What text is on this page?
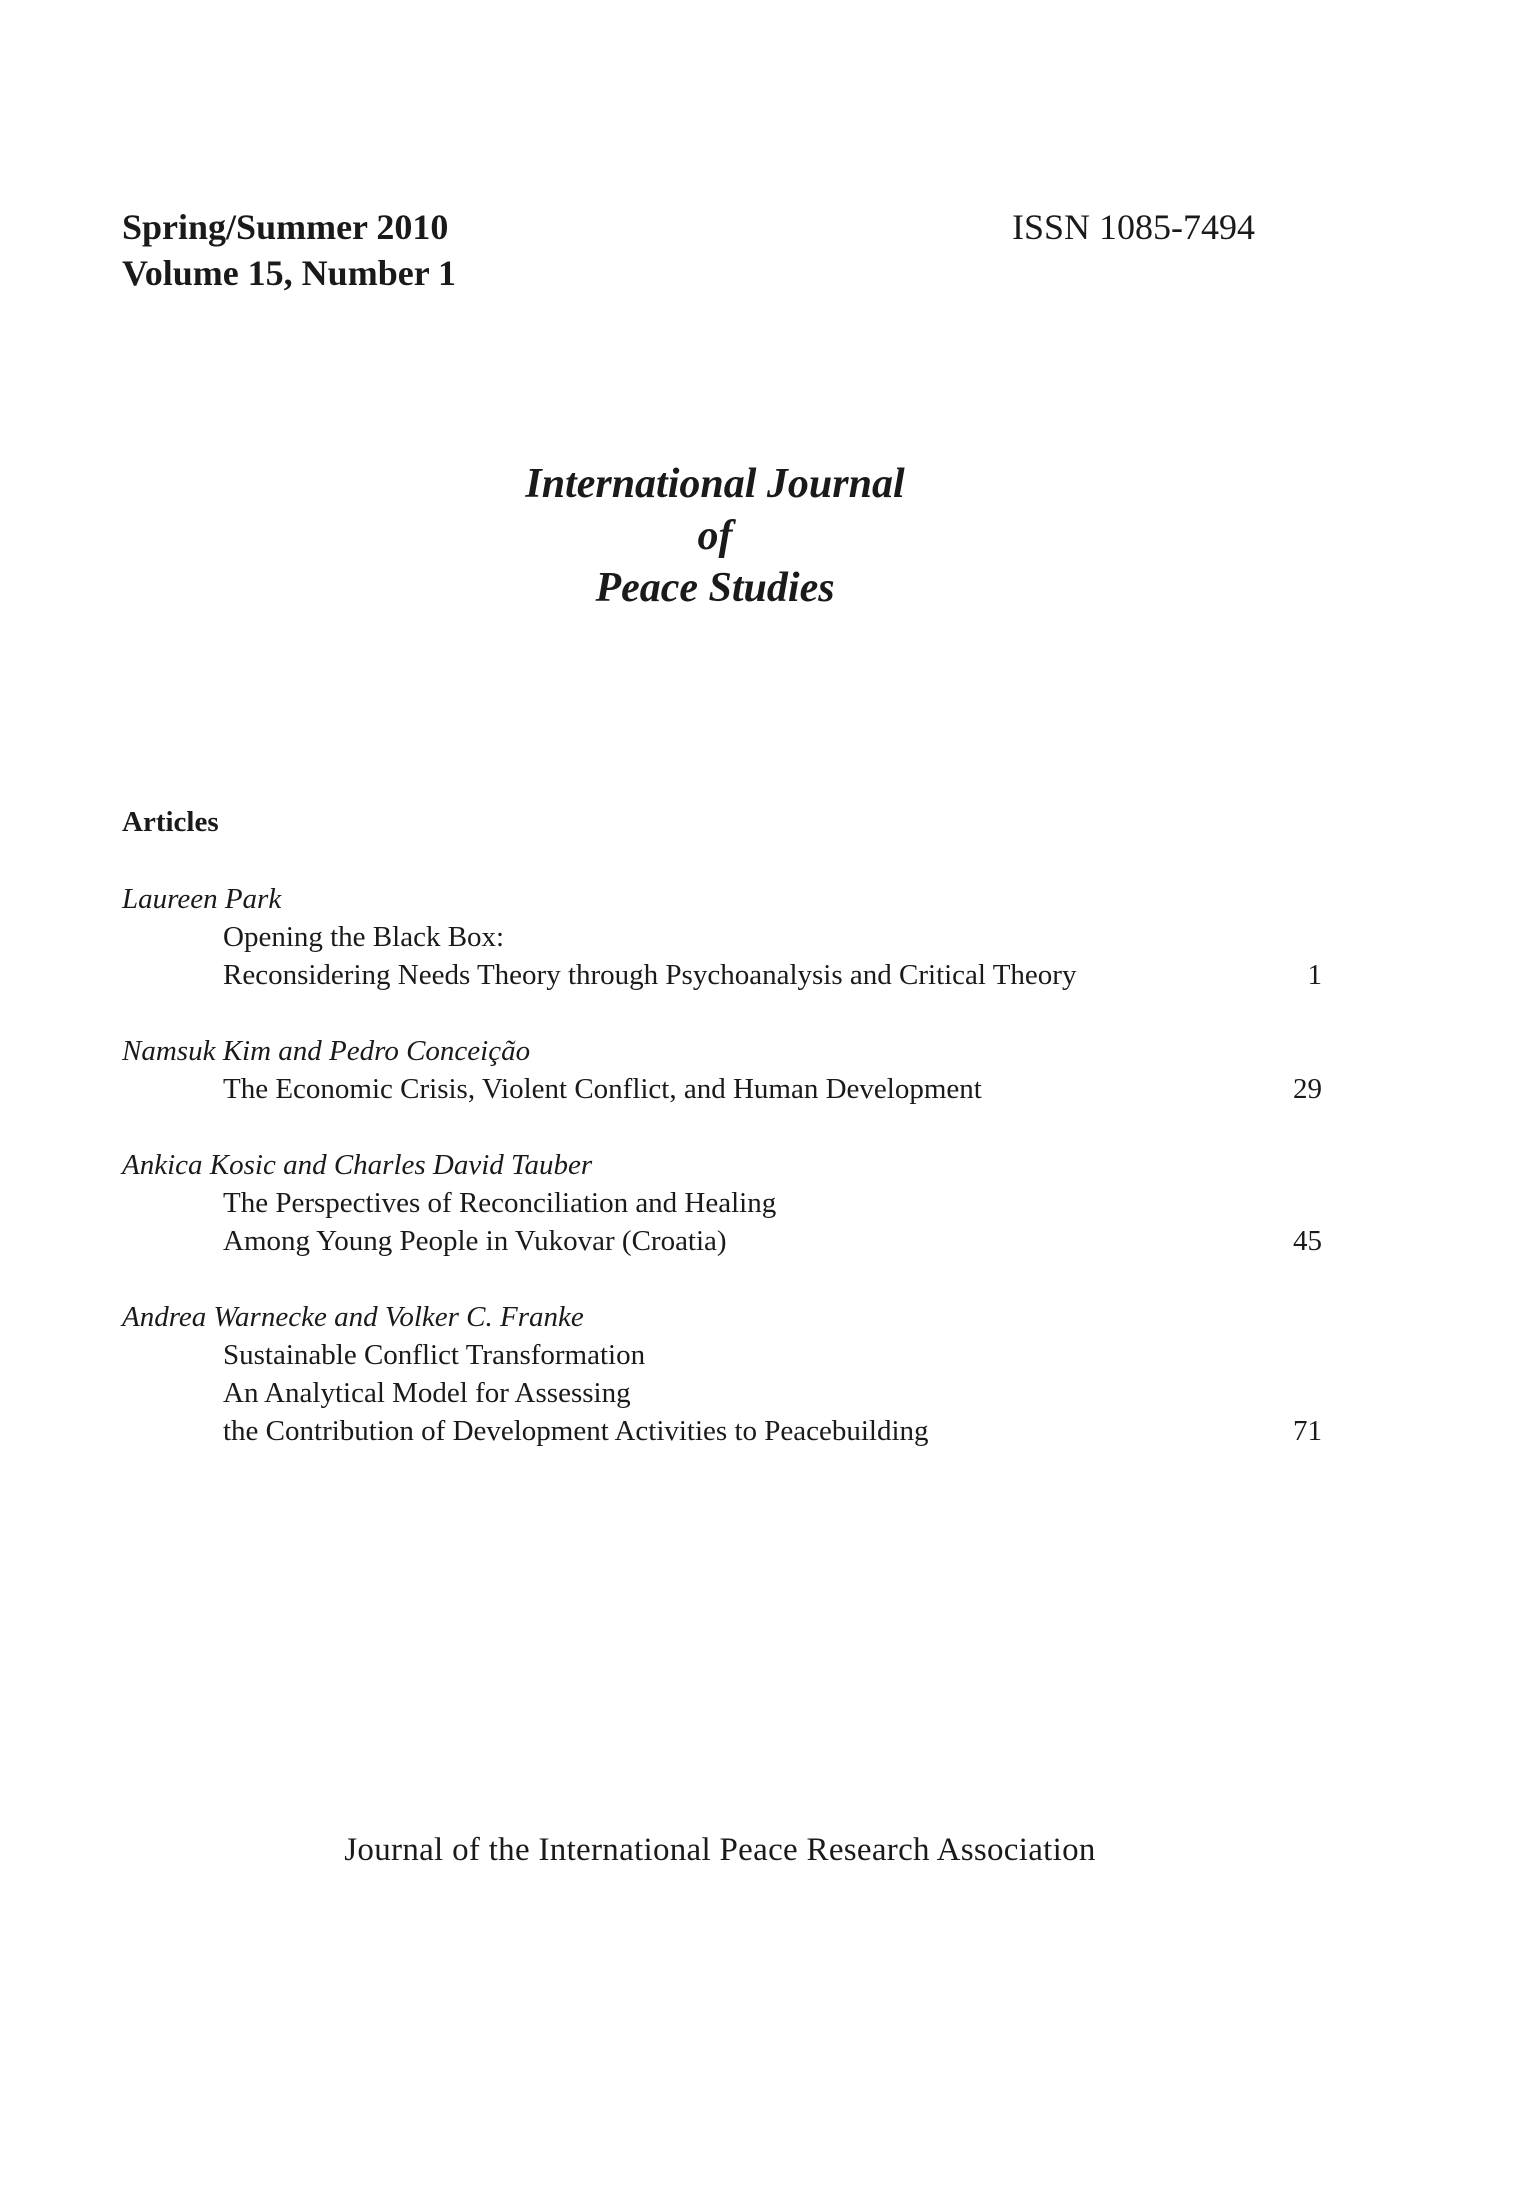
Spring/Summer 2010
Volume 15, Number 1
ISSN 1085-7494
International Journal
of
Peace Studies
Articles
Laureen Park
Opening the Black Box:
Reconsidering Needs Theory through Psychoanalysis and Critical Theory	1
Namsuk Kim and Pedro Conceição
The Economic Crisis, Violent Conflict, and Human Development	29
Ankica Kosic and Charles David Tauber
The Perspectives of Reconciliation and Healing
Among Young People in Vukovar (Croatia)	45
Andrea Warnecke and Volker C. Franke
Sustainable Conflict Transformation
An Analytical Model for Assessing
the Contribution of Development Activities to Peacebuilding	71
Journal of the International Peace Research Association
